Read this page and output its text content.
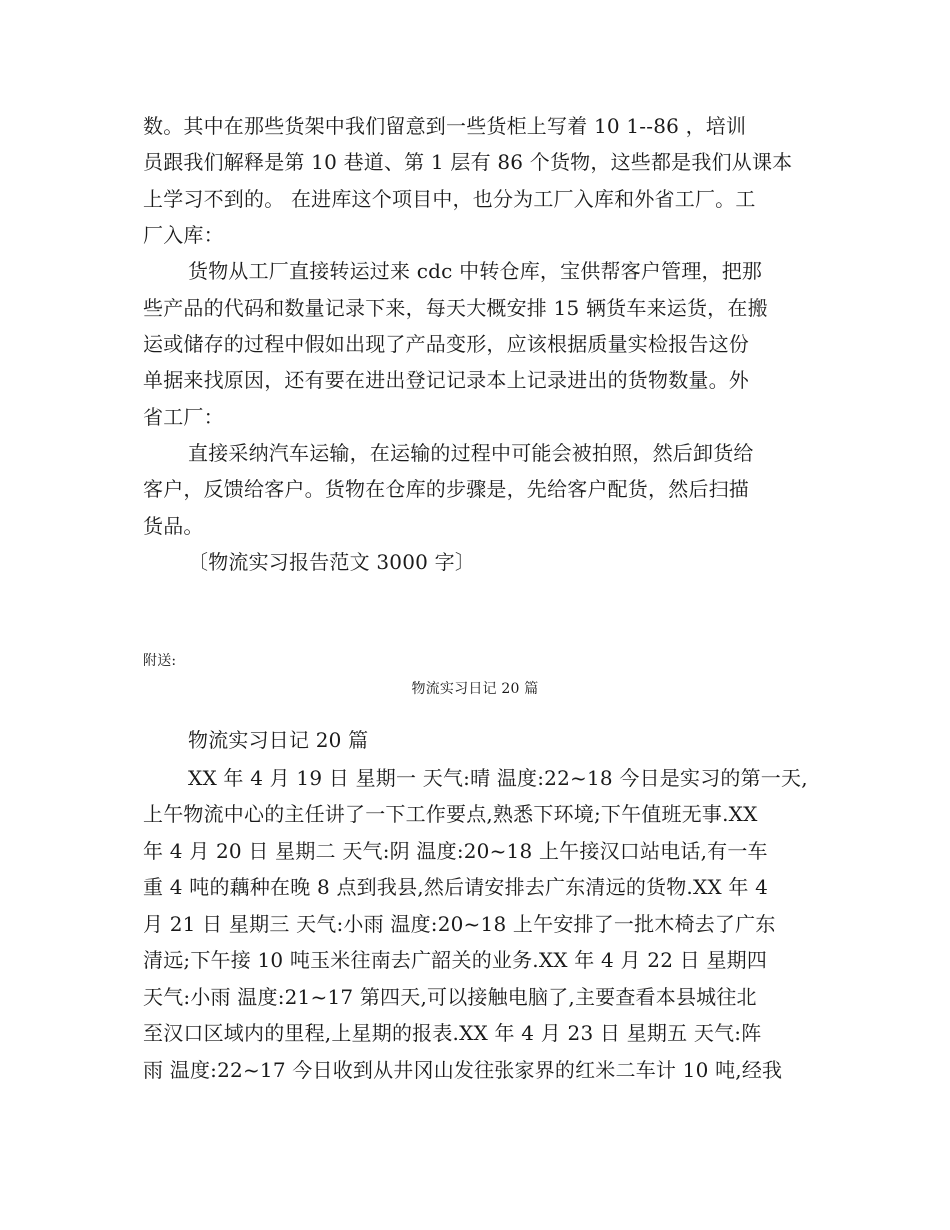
数。其中在那些货架中我们留意到一些货柜上写着 10 1--86 ，培训
员跟我们解释是第 10 巷道、第 1 层有 86 个货物，这些都是我们从课本
上学习不到的。 在进库这个项目中，也分为工厂入库和外省工厂。工
厂入库：
货物从工厂直接转运过来 cdc 中转仓库，宝供帮客户管理，把那
些产品的代码和数量记录下来，每天大概安排 15 辆货车来运货，在搬
运或储存的过程中假如出现了产品变形，应该根据质量实检报告这份
单据来找原因，还有要在进出登记记录本上记录进出的货物数量。外
省工厂：
直接采纳汽车运输，在运输的过程中可能会被拍照，然后卸货给
客户，反馈给客户。货物在仓库的步骤是，先给客户配货，然后扫描
货品。
〔物流实习报告范文 3000 字〕
附送:
物流实习日记 20 篇
物流实习日记 20 篇
XX 年 4 月 19 日 星期一 天气:晴 温度:22~18 今日是实习的第一天,
上午物流中心的主任讲了一下工作要点,熟悉下环境;下午值班无事.XX
年 4 月 20 日 星期二 天气:阴 温度:20~18 上午接汉口站电话,有一车
重 4 吨的藕种在晚 8 点到我县,然后请安排去广东清远的货物.XX 年 4
月 21 日 星期三 天气:小雨 温度:20~18 上午安排了一批木椅去了广东
清远;下午接 10 吨玉米往南去广韶关的业务.XX 年 4 月 22 日 星期四
天气:小雨 温度:21~17 第四天,可以接触电脑了,主要查看本县城往北
至汉口区域内的里程,上星期的报表.XX 年 4 月 23 日 星期五 天气:阵
雨 温度:22~17 今日收到从井冈山发往张家界的红米二车计 10 吨,经我
